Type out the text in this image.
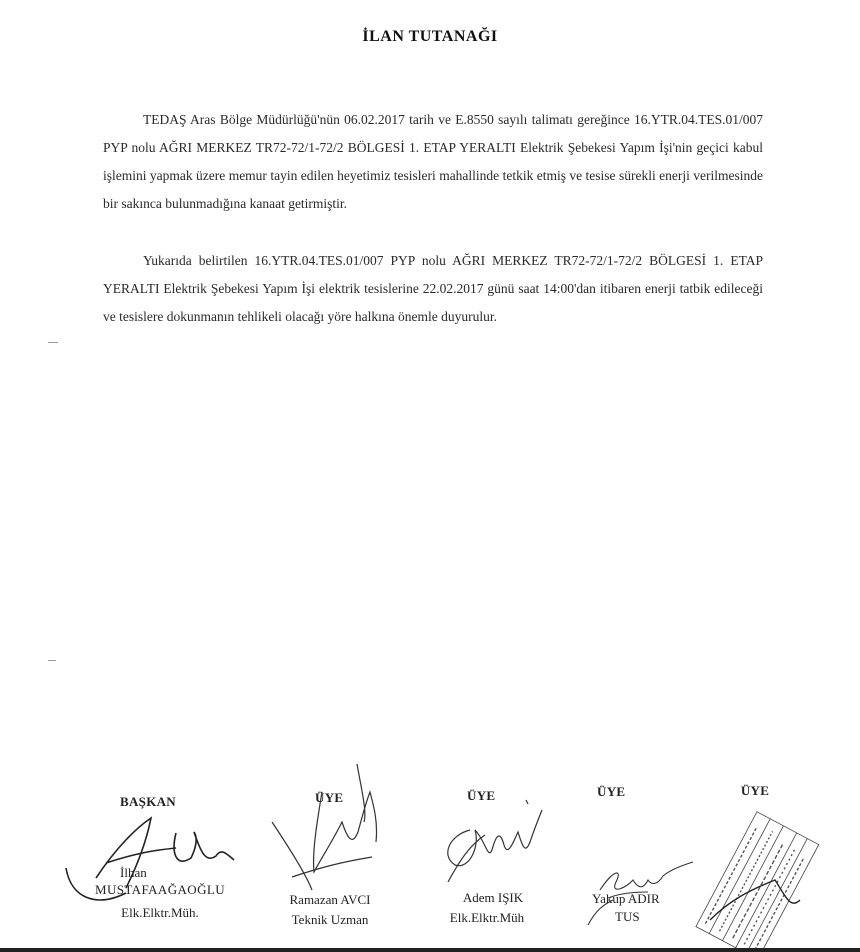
İLAN TUTANAĞI

TEDAŞ Aras Bölge Müdürlüğü'nün 06.02.2017 tarih ve E.8550 sayılı talimatı gereğince 16.YTR.04.TES.01/007 PYP nolu AĞRI MERKEZ TR72-72/1-72/2 BÖLGESİ 1. ETAP YERALTI Elektrik Şebekesi Yapım İşi'nin geçici kabul işlemini yapmak üzere memur tayin edilen heyetimiz tesisleri mahallinde tetkik etmiş ve tesise sürekli enerji verilmesinde bir sakınca bulunmadığına kanaat getirmiştir.

Yukarıda belirtilen 16.YTR.04.TES.01/007 PYP nolu AĞRI MERKEZ TR72-72/1-72/2 BÖLGESİ 1. ETAP YERALTI Elektrik Şebekesi Yapım İşi elektrik tesislerine 22.02.2017 günü saat 14:00'dan itibaren enerji tatbik edileceği ve tesislere dokunmanın tehlikeli olacağı yöre halkına önemle duyurulur.

BAŞKAN
İlhan
MUSTAFAAĞAOĞLU
Elk.Elktr.Müh.
ÜYE
Ramazan AVCI
Teknik Uzman
ÜYE
Adem IŞIK
Elk.Elktr.Müh
ÜYE
Yakup ADIR
TUS
ÜYE
